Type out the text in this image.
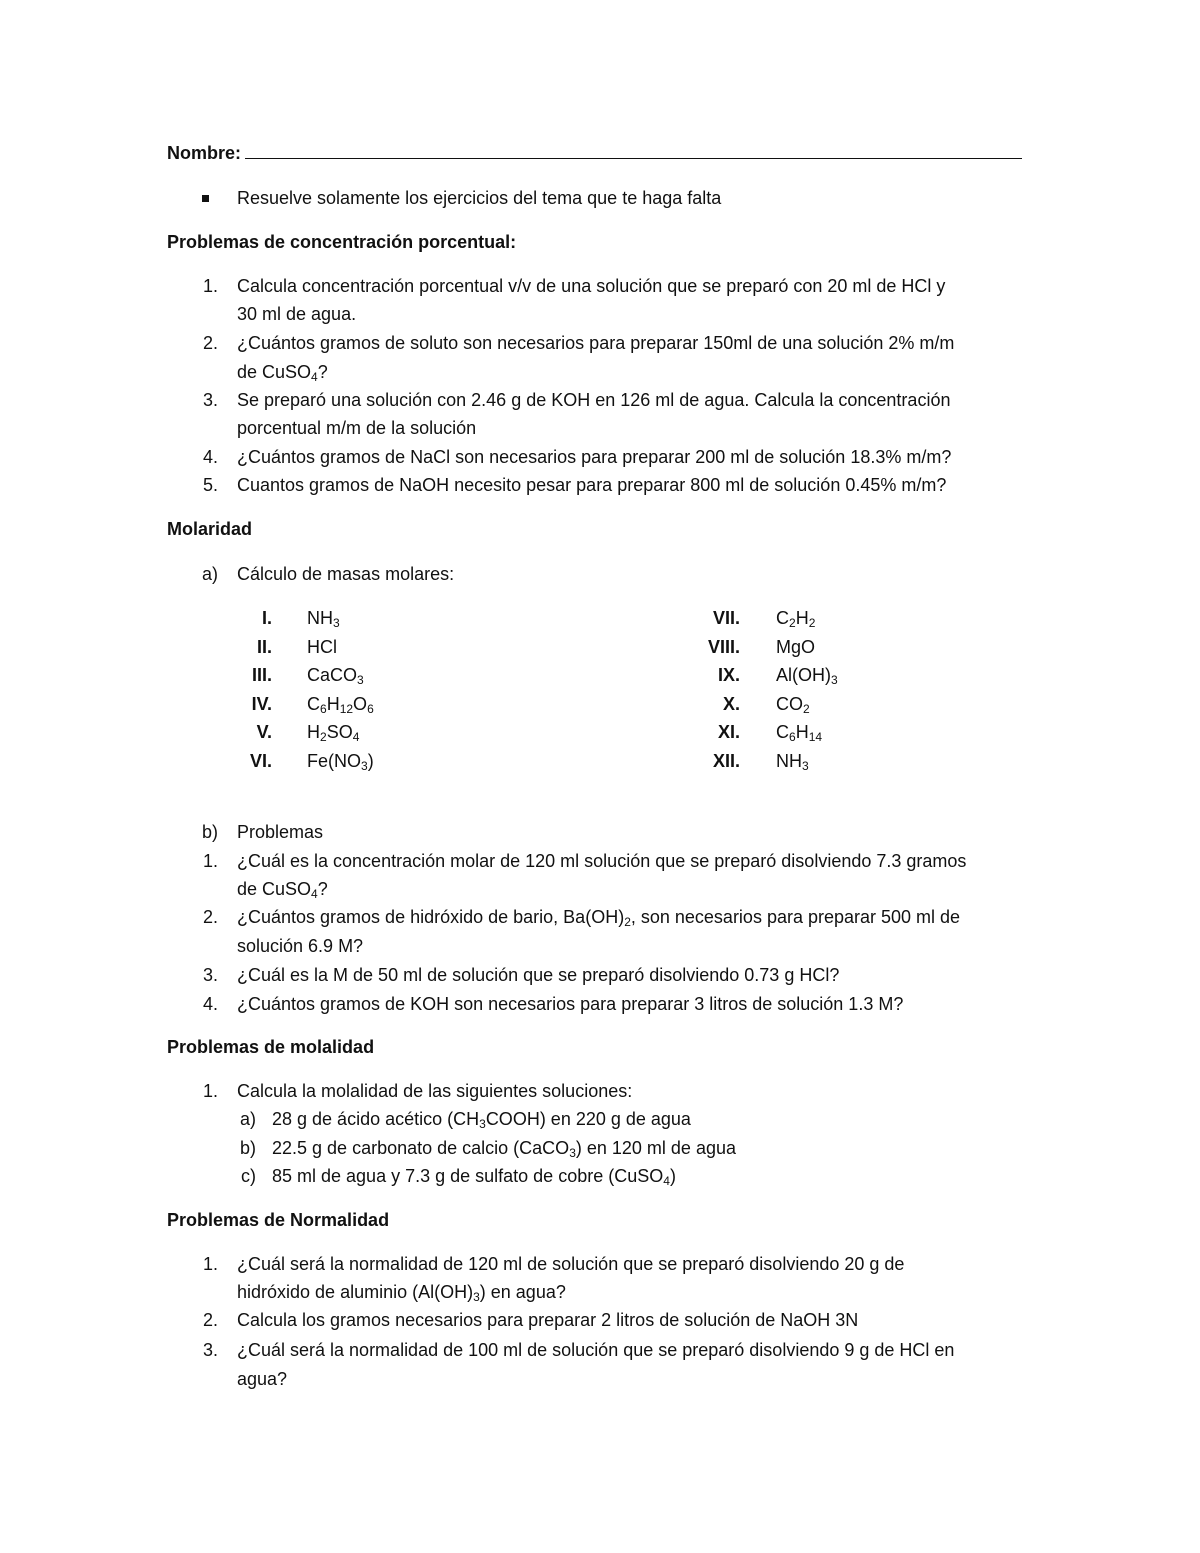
Nombre:
Resuelve solamente los ejercicios del tema que te haga falta
Problemas de concentración porcentual:
1. Calcula concentración porcentual v/v de una solución que se preparó con 20 ml de HCl y
30 ml de agua.
2. ¿Cuántos gramos de soluto son necesarios para preparar 150ml de una solución 2% m/m
de CuSO$_4$?
3. Se preparó una solución con 2.46 g de KOH en 126 ml de agua. Calcula la concentración
porcentual m/m de la solución
4. ¿Cuántos gramos de NaCl son necesarios para preparar 200 ml de solución 18.3% m/m?
5. Cuantos gramos de NaOH necesito pesar para preparar 800 ml de solución 0.45% m/m?
Molaridad
a) Cálculo de masas molares:
I. $NH_3$
II. HCl
III. CaCO$_3$
IV. $C_6H_{12}O_6$
V. $H_2SO_4$
VI. $Fe(NO_3)$
VII. $C_2H_2$
VIII. MgO
IX. $Al(OH)_3$
X. $CO_2$
XI. $C_6H_{14}$
XII. $NH_3$
b) Problemas
1. ¿Cuál es la concentración molar de 120 ml solución que se preparó disolviendo 7.3 gramos
de CuSO$_4$?
2. ¿Cuántos gramos de hidróxido de bario, $Ba(OH)_2$, son necesarios para preparar 500 ml de
solución 6.9 M?
3. ¿Cuál es la M de 50 ml de solución que se preparó disolviendo 0.73 g HCl?
4. ¿Cuántos gramos de KOH son necesarios para preparar 3 litros de solución 1.3 M?
Problemas de molalidad
1. Calcula la molalidad de las siguientes soluciones:
a) 28 g de ácido acético $(CH_3COOH)$ en 220 g de agua
b) 22.5 g de carbonato de calcio (CaCO$_3$) en 120 ml de agua
c) 85 ml de agua y 7.3 g de sulfato de cobre (CuSO$_4$)
Problemas de Normalidad
1. ¿Cuál será la normalidad de 120 ml de solución que se preparó disolviendo 20 g de
hidróxido de aluminio $(Al(OH)_3)$ en agua?
2. Calcula los gramos necesarios para preparar 2 litros de solución de NaOH 3N
3. ¿Cuál será la normalidad de 100 ml de solución que se preparó disolviendo 9 g de HCl en
agua?
